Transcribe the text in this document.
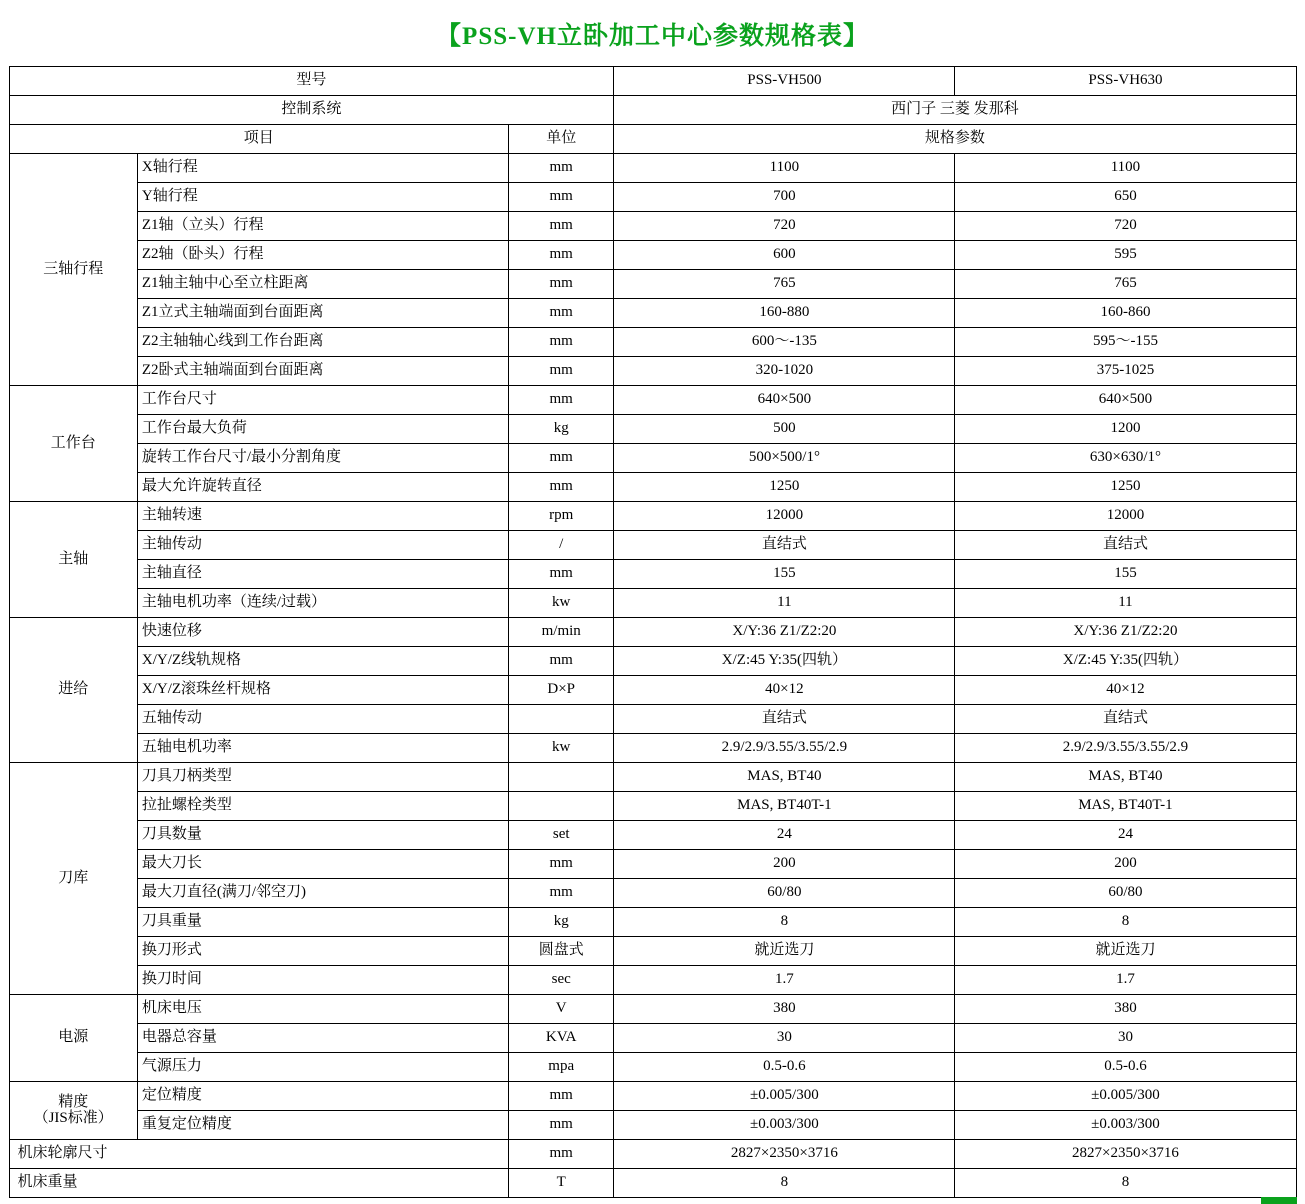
【PSS-VH立卧加工中心参数规格表】
型号			PSS-VH500	PSS-VH630
控制系统			西门子 三菱 发那科	
项目		单位	规格参数	
三轴行程	X轴行程	mm	1100	1100
	Y轴行程	mm	700	650
	Z1轴（立头）行程	mm	720	720
	Z2轴（卧头）行程	mm	600	595
	Z1轴主轴中心至立柱距离	mm	765	765
	Z1立式主轴端面到台面距离	mm	160-880	160-860
	Z2主轴轴心线到工作台距离	mm	600〜-135	595〜-155
	Z2卧式主轴端面到台面距离	mm	320-1020	375-1025
工作台	工作台尺寸	mm	640×500	640×500
	工作台最大负荷	kg	500	1200
	旋转工作台尺寸/最小分割角度	mm	500×500/1°	630×630/1°
	最大允许旋转直径	mm	1250	1250
主轴	主轴转速	rpm	12000	12000
	主轴传动	/	直结式	直结式
	主轴直径	mm	155	155
	主轴电机功率（连续/过载）	kw	11	11
进给	快速位移	m/min	X/Y:36 Z1/Z2:20	X/Y:36 Z1/Z2:20
	X/Y/Z线轨规格	mm	X/Z:45 Y:35(四轨）	X/Z:45 Y:35(四轨）
	X/Y/Z滚珠丝杆规格	D×P	40×12	40×12
	五轴传动		直结式	直结式
	五轴电机功率	kw	2.9/2.9/3.55/3.55/2.9	2.9/2.9/3.55/3.55/2.9
刀库	刀具刀柄类型		MAS, BT40	MAS, BT40
	拉扯螺栓类型		MAS, BT40T-1	MAS, BT40T-1
	刀具数量	set	24	24
	最大刀长	mm	200	200
	最大刀直径(满刀/邻空刀)	mm	60/80	60/80
	刀具重量	kg	8	8
	换刀形式	圆盘式	就近选刀	就近选刀
	换刀时间	sec	1.7	1.7
电源	机床电压	V	380	380
	电器总容量	KVA	30	30
	气源压力	mpa	0.5-0.6	0.5-0.6

精度
（JIS标准）	定位精度	mm	±0.005/300	±0.005/300
	重复定位精度	mm	±0.003/300	±0.003/300
机床轮廓尺寸		mm	2827×2350×3716	2827×2350×3716
机床重量		T	8	8
